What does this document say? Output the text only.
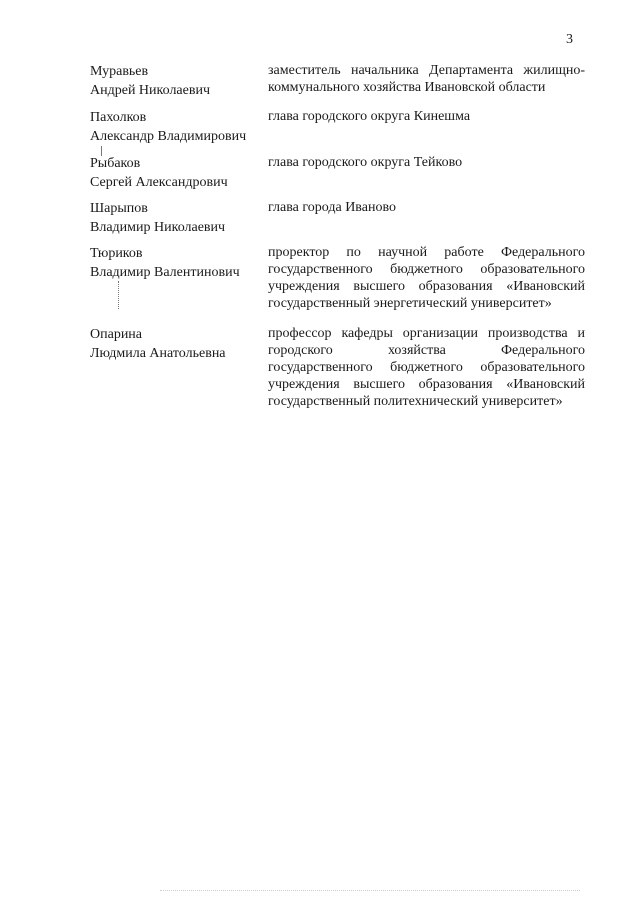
3
Муравьев
Андрей Николаевич
заместитель начальника Департамента жилищно-коммунального хозяйства Ивановской области
Пахолков
Александр Владимирович
глава городского округа Кинешма
Рыбаков
Сергей Александрович
глава городского округа Тейково
Шарыпов
Владимир Николаевич
глава города Иваново
Тюриков
Владимир Валентинович
проректор по научной работе Федерального государственного бюджетного образовательного учреждения высшего образования «Ивановский государственный энергетический университет»
Опарина
Людмила Анатольевна
профессор кафедры организации производства и городского хозяйства Федерального государственного бюджетного образовательного учреждения высшего образования «Ивановский государственный политехнический университет»
